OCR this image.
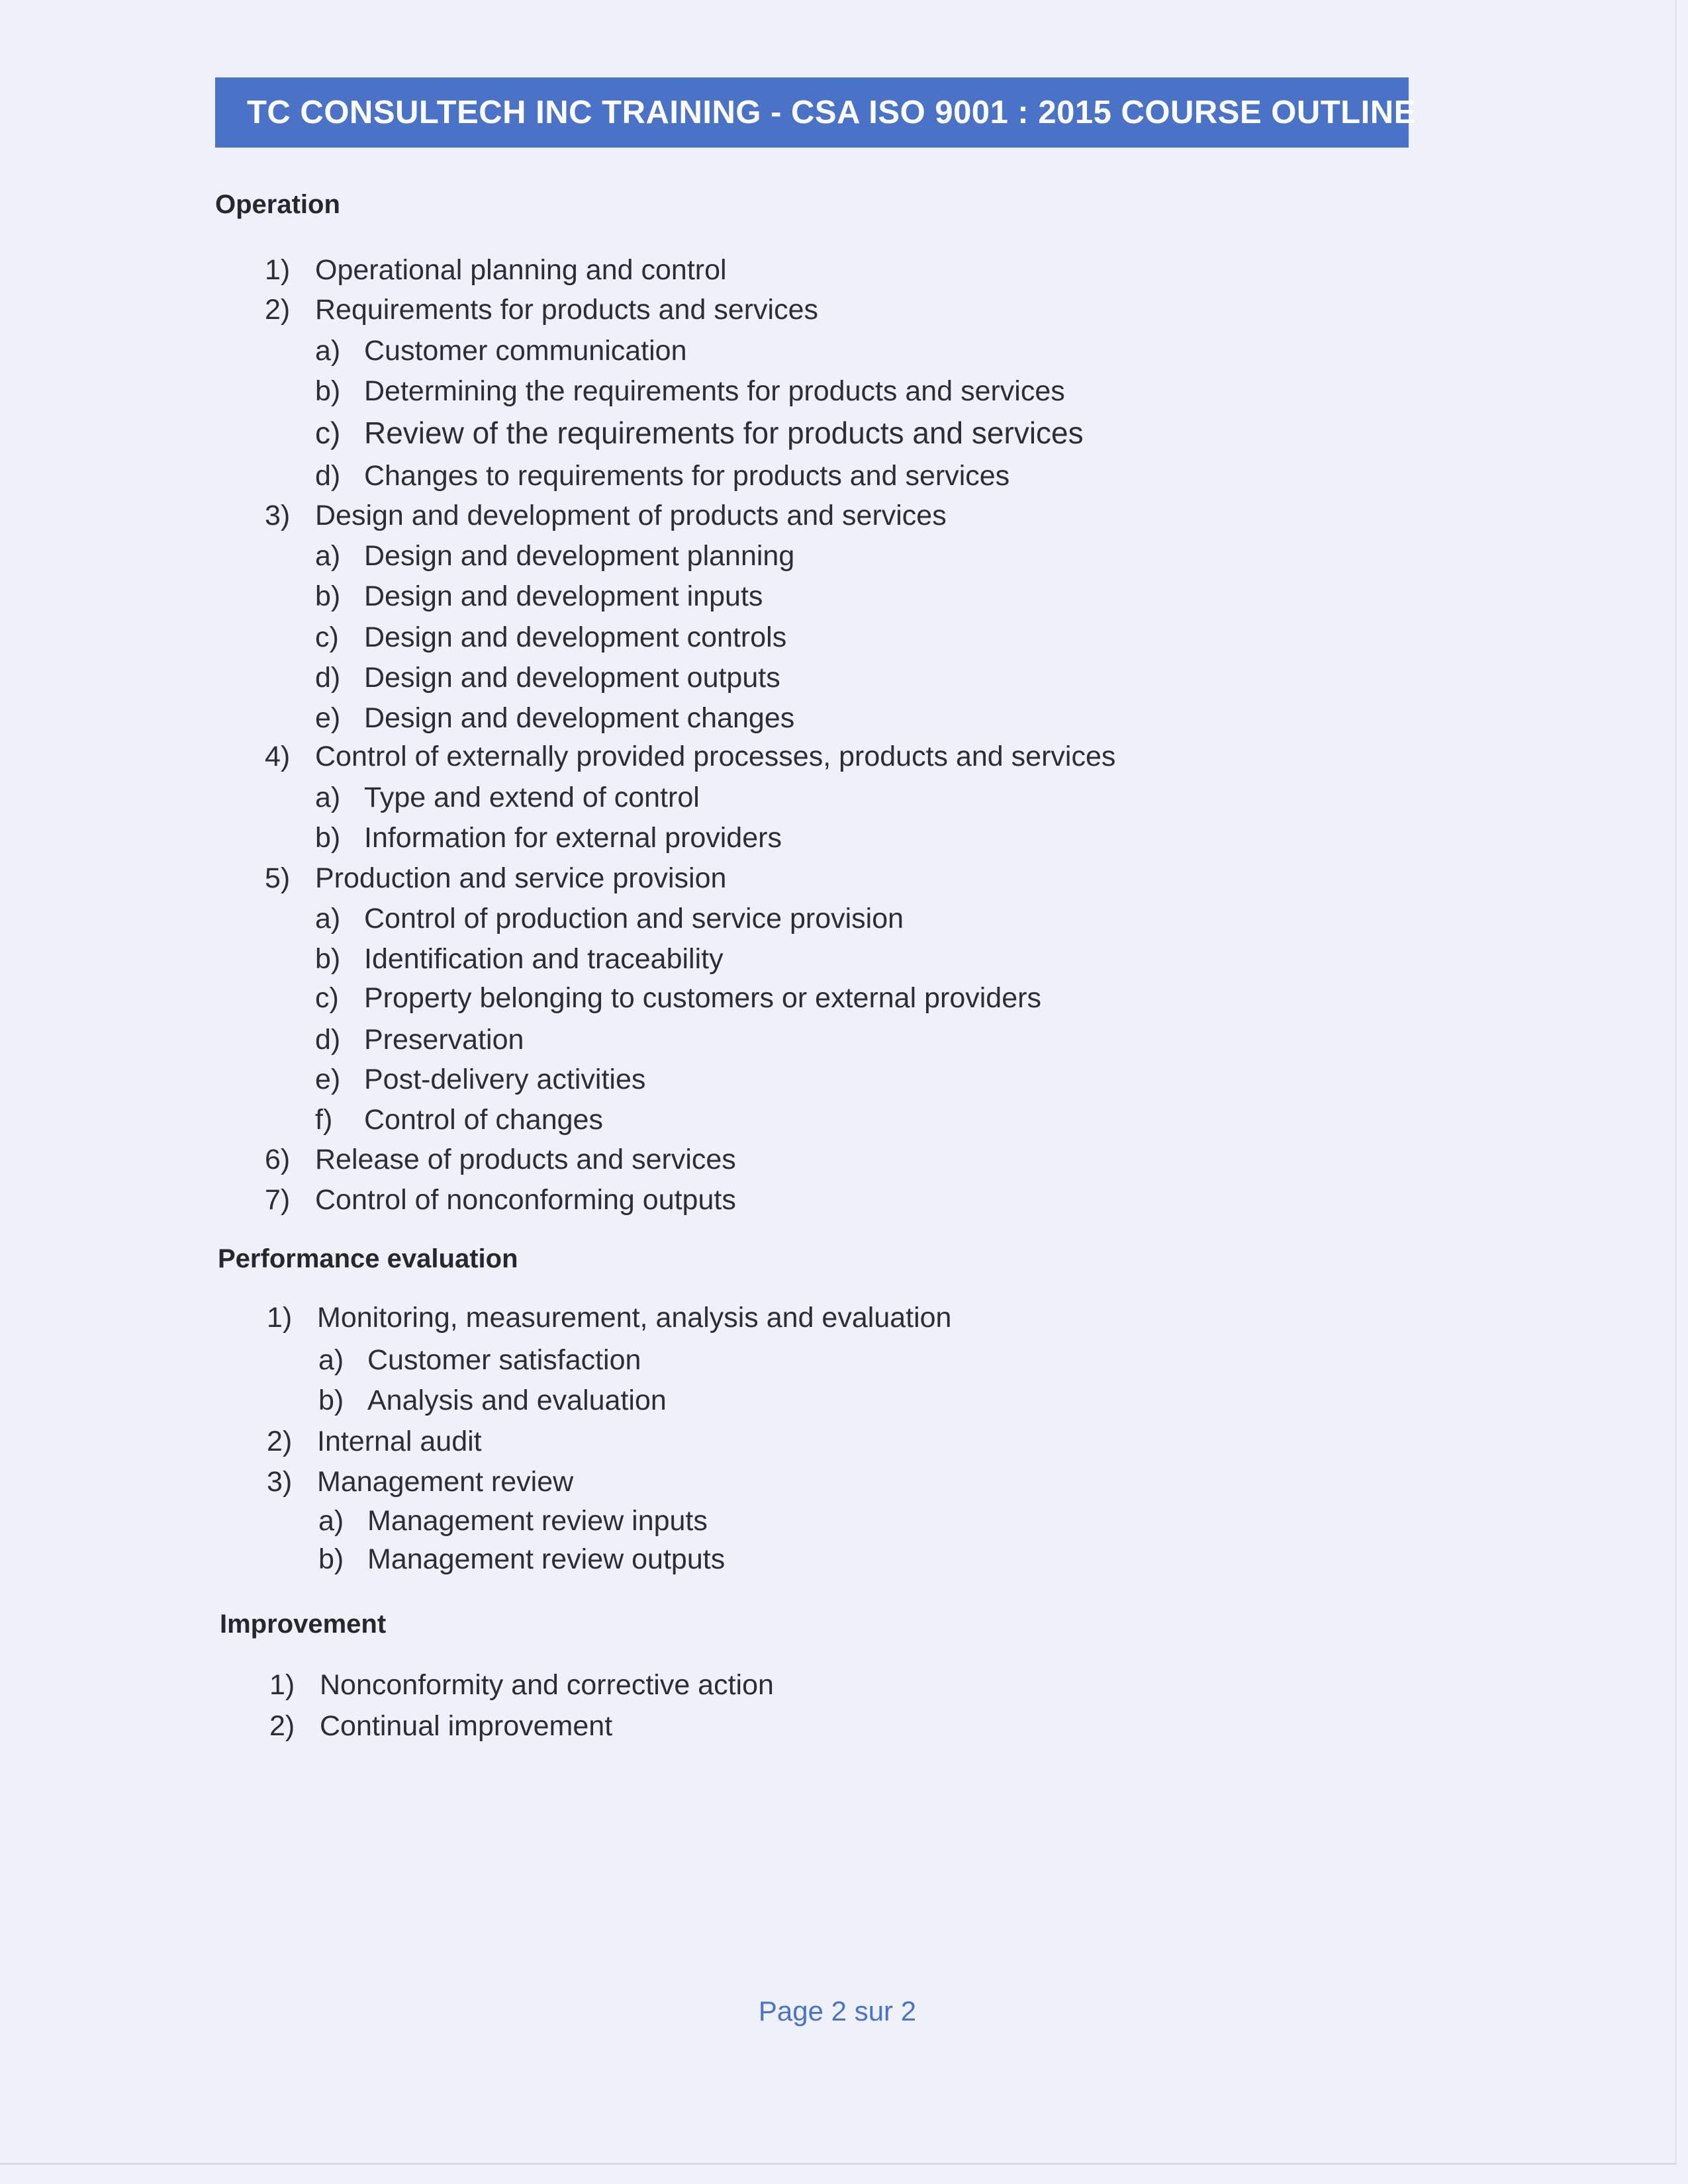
TC CONSULTECH INC TRAINING - CSA ISO 9001 : 2015 COURSE OUTLINE
Operation
1) Operational planning and control
2) Requirements for products and services
a) Customer communication
b) Determining the requirements for products and services
c) Review of the requirements for products and services
d) Changes to requirements for products and services
3) Design and development of products and services
a) Design and development planning
b) Design and development inputs
c) Design and development controls
d) Design and development outputs
e) Design and development changes
4) Control of externally provided processes, products and services
a) Type and extend of control
b) Information for external providers
5) Production and service provision
a) Control of production and service provision
b) Identification and traceability
c) Property belonging to customers or external providers
d) Preservation
e) Post-delivery activities
f)	Control of changes
6) Release of products and services
7) Control of nonconforming outputs
Performance evaluation
1) Monitoring, measurement, analysis and evaluation
a) Customer satisfaction
b) Analysis and evaluation
2) Internal audit
3) Management review
a) Management review inputs
b) Management review outputs
Improvement
1) Nonconformity and corrective action
2) Continual improvement
Page 2 sur 2
